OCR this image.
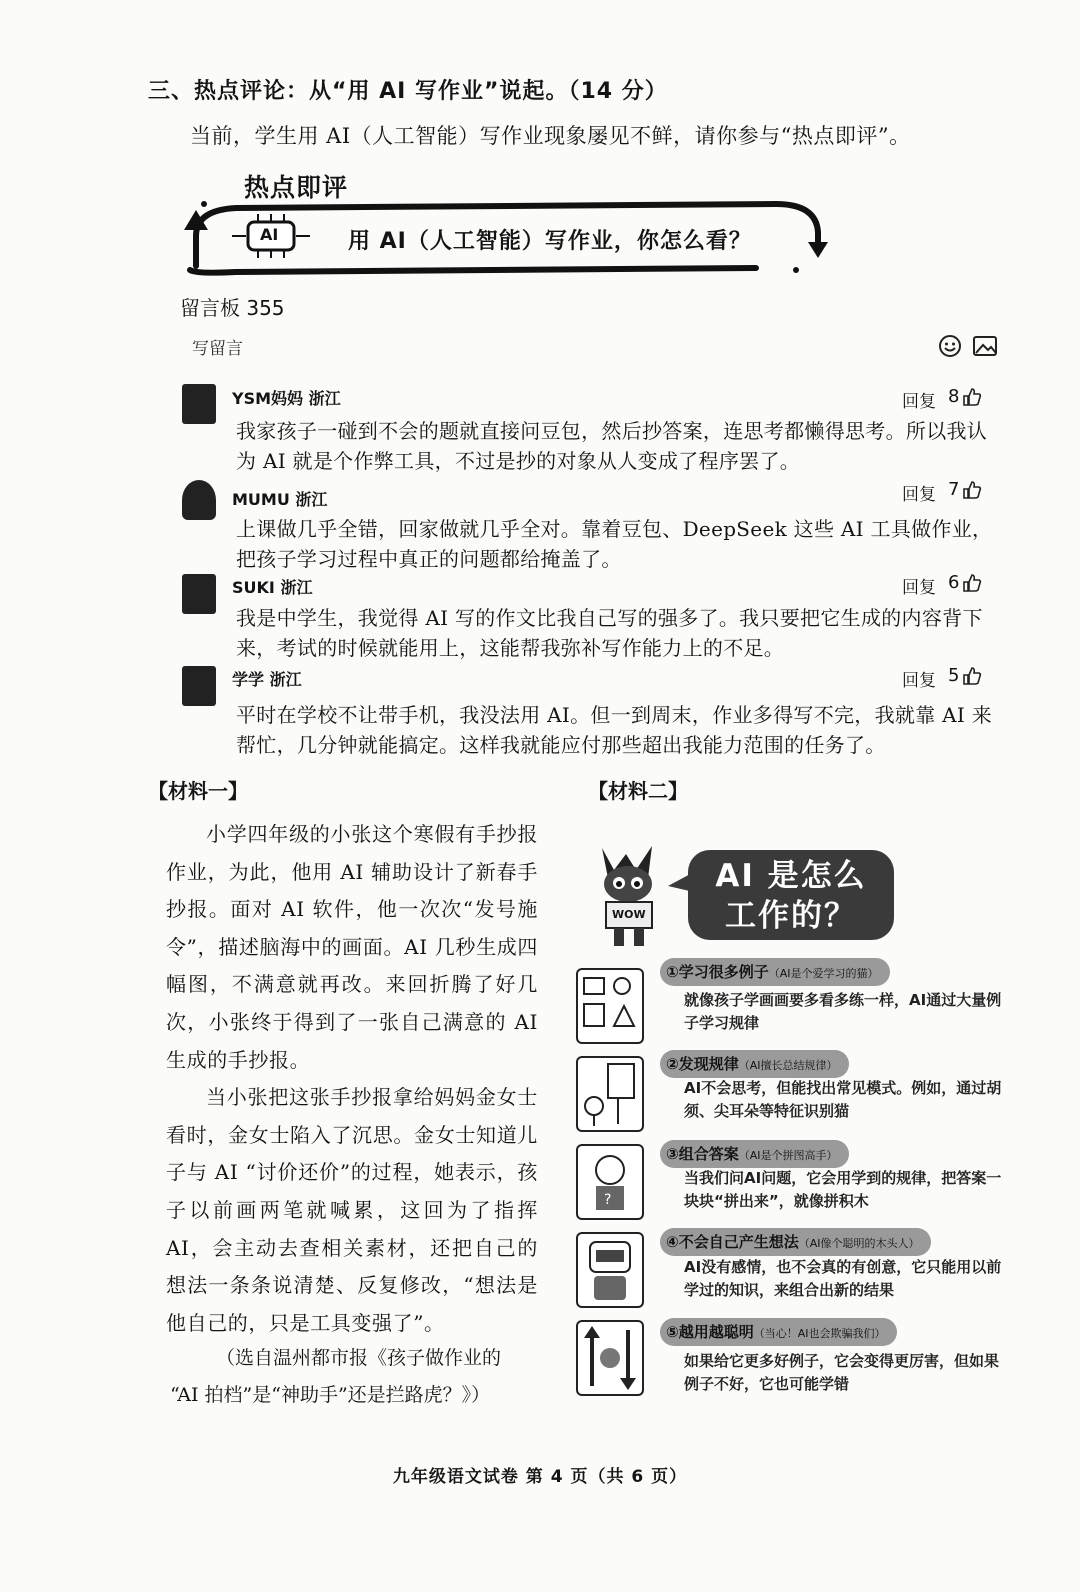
三、热点评论：从“用 AI 写作业”说起。（14 分）
当前，学生用 AI（人工智能）写作业现象屡见不鲜，请你参与“热点即评”。
热点即评
AI	用 AI（人工智能）写作业，你怎么看？
留言板 355
写留言
YSM妈妈 浙江	回复 8
我家孩子一碰到不会的题就直接问豆包，然后抄答案，连思考都懒得思考。所以我认为 AI 就是个作弊工具，不过是抄的对象从人变成了程序罢了。
MUMU 浙江	回复 7
上课做几乎全错，回家做就几乎全对。靠着豆包、DeepSeek 这些 AI 工具做作业，把孩子学习过程中真正的问题都给掩盖了。
SUKI 浙江	回复 6
我是中学生，我觉得 AI 写的作文比我自己写的强多了。我只要把它生成的内容背下来，考试的时候就能用上，这能帮我弥补写作能力上的不足。
学学 浙江	回复 5
平时在学校不让带手机，我没法用 AI。但一到周末，作业多得写不完，我就靠 AI 来帮忙，几分钟就能搞定。这样我就能应付那些超出我能力范围的任务了。
【材料一】

小学四年级的小张这个寒假有手抄报作业，为此，他用 AI 辅助设计了新春手抄报。面对 AI 软件，他一次次“发号施令”，描述脑海中的画面。AI 几秒生成四幅图，不满意就再改。来回折腾了好几次，小张终于得到了一张自己满意的 AI 生成的手抄报。

当小张把这张手抄报拿给妈妈金女士看时，金女士陷入了沉思。金女士知道儿子与 AI “讨价还价”的过程，她表示，孩子以前画两笔就喊累，这回为了指挥 AI，会主动去查相关素材，还把自己的想法一条条说清楚、反复修改，“想法是他自己的，只是工具变强了”。

（选自温州都市报《孩子做作业的
“AI 拍档”是“神助手”还是拦路虎？》）
【材料二】
WOW
AI 是怎么
工作的？
①学习很多例子（AI是个爱学习的猫）
就像孩子学画画要多看多练一样，AI通过大量例子学习规律
②发现规律（AI擅长总结规律）
AI不会思考，但能找出常见模式。例如，通过胡须、尖耳朵等特征识别猫
?
③组合答案（AI是个拼图高手）
当我们问AI问题，它会用学到的规律，把答案一块块“拼出来”，就像拼积木
④不会自己产生想法（AI像个聪明的木头人）
AI没有感情，也不会真的有创意，它只能用以前学过的知识，来组合出新的结果
⑤越用越聪明（当心！AI也会欺骗我们）
如果给它更多好例子，它会变得更厉害，但如果例子不好，它也可能学错
九年级语文试卷 第 4 页（共 6 页）
